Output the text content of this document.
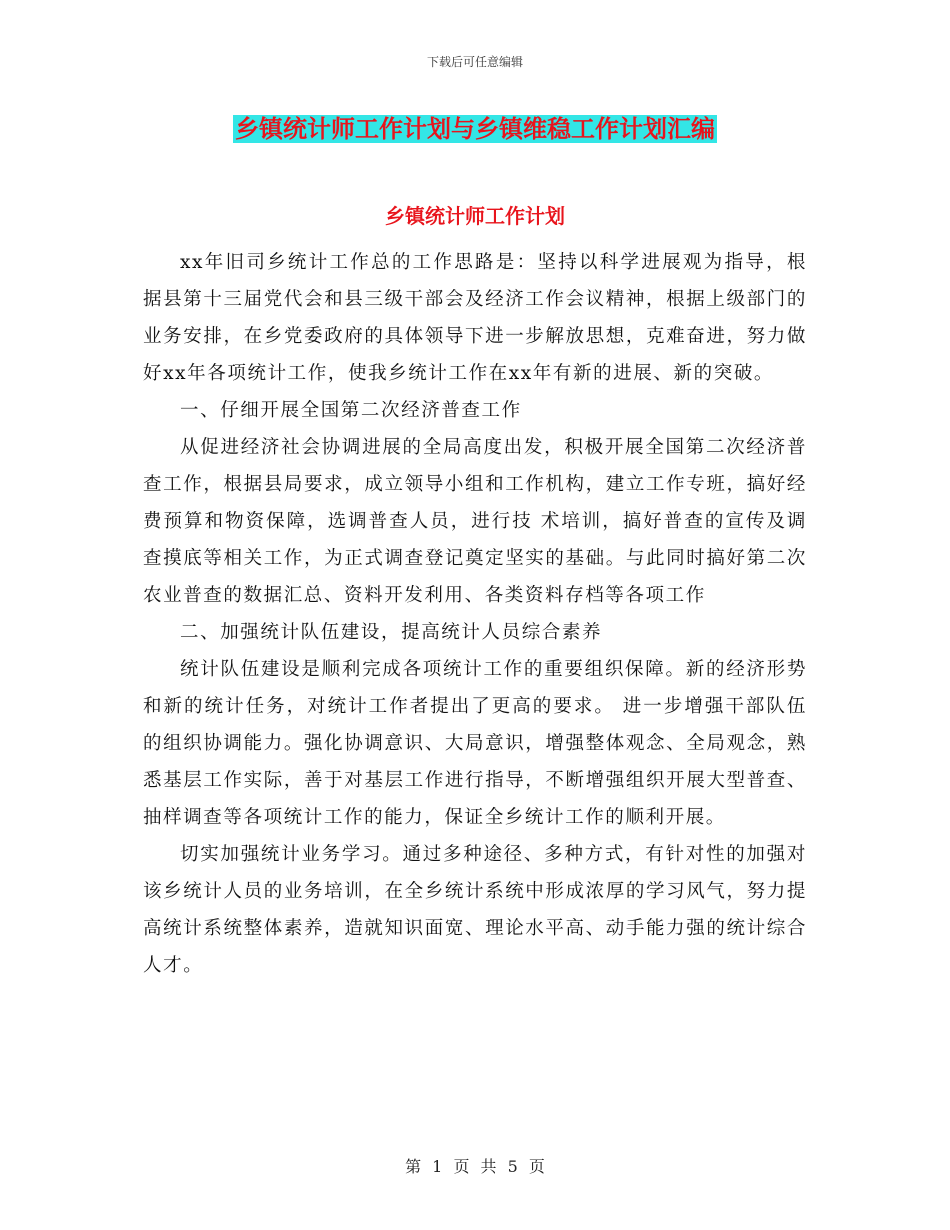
下载后可任意编辑
乡镇统计师工作计划与乡镇维稳工作计划汇编
乡镇统计师工作计划

xx年旧司乡统计工作总的工作思路是：坚持以科学进展观为指导，根据县第十三届党代会和县三级干部会及经济工作会议精神，根据上级部门的业务安排，在乡党委政府的具体领导下进一步解放思想，克难奋进，努力做好xx年各项统计工作，使我乡统计工作在xx年有新的进展、新的突破。

一、仔细开展全国第二次经济普查工作

从促进经济社会协调进展的全局高度出发，积极开展全国第二次经济普查工作，根据县局要求，成立领导小组和工作机构，建立工作专班，搞好经费预算和物资保障，选调普查人员，进行技 术培训，搞好普查的宣传及调查摸底等相关工作，为正式调查登记奠定坚实的基础。与此同时搞好第二次农业普查的数据汇总、资料开发利用、各类资料存档等各项工作

二、加强统计队伍建设，提高统计人员综合素养

统计队伍建设是顺利完成各项统计工作的重要组织保障。新的经济形势和新的统计任务，对统计工作者提出了更高的要求。 进一步增强干部队伍的组织协调能力。强化协调意识、大局意识，增强整体观念、全局观念，熟悉基层工作实际，善于对基层工作进行指导，不断增强组织开展大型普查、抽样调查等各项统计工作的能力，保证全乡统计工作的顺利开展。

切实加强统计业务学习。通过多种途径、多种方式，有针对性的加强对该乡统计人员的业务培训，在全乡统计系统中形成浓厚的学习风气，努力提高统计系统整体素养，造就知识面宽、理论水平高、动手能力强的统计综合人才。

第 1 页 共 5 页
